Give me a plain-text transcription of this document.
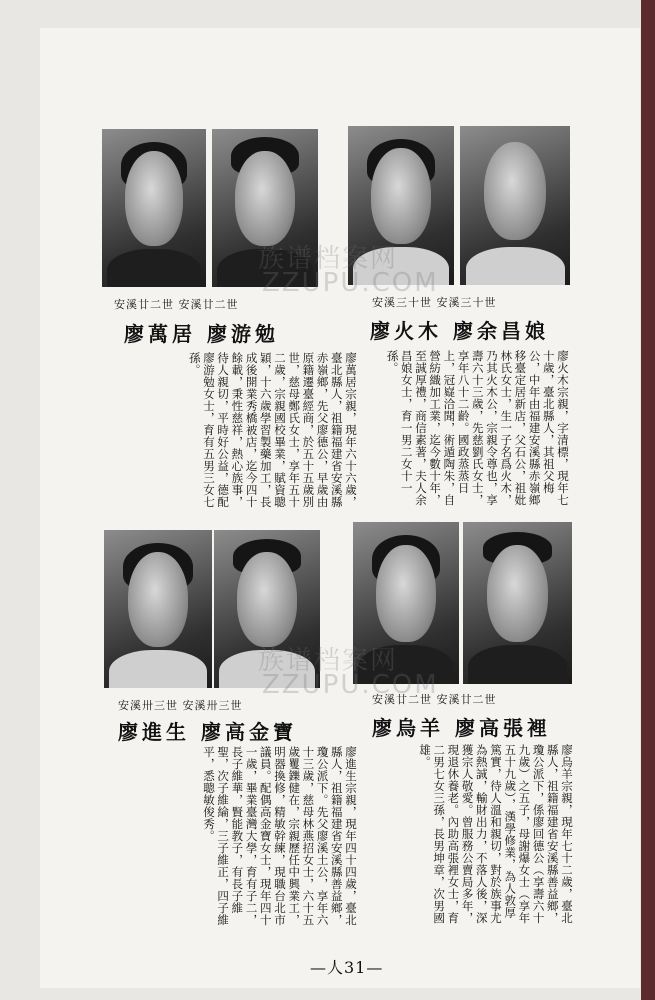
族谱档案网
ZZUPU.COM
族谱档案网
ZZUPU.COM
安溪廿二世 安溪廿二世	安溪三十世 安溪三十世
安溪卅三世 安溪卅三世	安溪廿二世 安溪廿二世
廖萬居 廖游勉	廖火木 廖余昌娘
廖進生 廖高金寶	廖烏羊 廖高張裡
廖萬居宗親，現年六十六歲，臺北縣人，祖籍福建省安溪縣赤嶺鄉，先父廖德公，早歲由原籍遷臺經商，於五十五歲別世，慈母鄭氏女士，享年五十二歲，宗親國校畢業，賦資聰穎，十六歲學習製藥加工，長成後開業秀橋被店，迄今四十餘載，秉性慈祥，熱心族事，待人親切，平時好公益，德配廖游勉女士，育有五男三女七孫。	廖火木宗親，字清標，現年七十歲，臺北縣人，其祖父梅公，中年由福建安溪縣赤嶺鄉移臺定居新店，父石公，祖妣林氏女士，生一子名爲火木，乃其火木公，宗親令尊也，享壽六十三歲，先慈劉氏女士，享年八十二齡。國政蒸蒸日上，冠嶷洽聞，術遁陶朱，自營紡織加工業，迄今數十年，至誠厚禮，商信素著，夫人余昌娘女士，育一男二女十一孫。
廖進生宗親，現年四十四歲，臺北縣人，祖籍福建省安溪縣善益鄉，瓊公派下。先父廖溪土公，享年六十三歲，慈母林燕招女士，六十五歲矍鑠健在，宗親歷任中興業工，明器換修，精敏幹練，現職台北市議員。配偶高金寶女士，現年四十一歲，畢業臺灣大學，育有子二，長子維華，賢能教子，有長子維聖，次子維綸，三子維正，四子維平，悉聰敏俊秀。	廖烏羊宗親，現年七十二歲，臺北縣人，祖籍福建省安溪縣善益鄉，瓊公派下，係廖回德公（享壽六十九歲）之五子，母謝爆女士（享年五十九歲），漢學修業，為人敦厚篤實，待人溫和親切，對於族事尤為熱誠，輸財出力，不落人後，深獲宗人敬愛。曾服務公賣局多年，現退休養老。內助高張裡女士，育二男七女三孫，長男坤章，次男國雄。
—人31—
